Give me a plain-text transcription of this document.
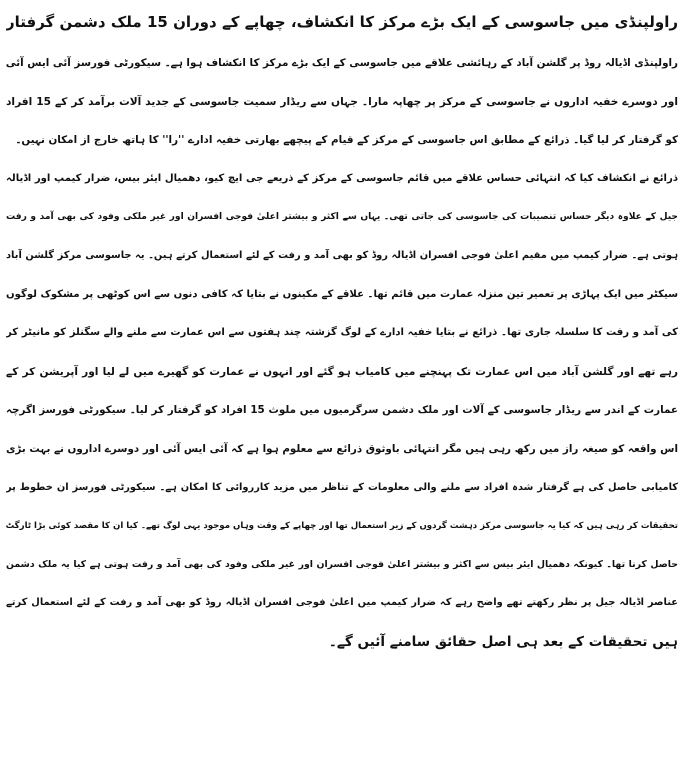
راولپنڈی میں جاسوسی کے ایک بڑے مرکز کا انکشاف، چھاپے کے دوران 15 ملک دشمن گرفتار
راولپنڈی اڈیالہ روڈ پر گلشن آباد کے رہائشی علاقے میں جاسوسی کے ایک بڑے مرکز کا انکشاف ہوا ہے۔ سیکورٹی فورسز آئی ایس آئی
اور دوسرے خفیہ اداروں نے جاسوسی کے مرکز پر چھاپہ مارا۔ جہاں سے ریڈار سمیت جاسوسی کے جدید آلات برآمد کر کے 15 افراد
کو گرفتار کر لیا گیا۔ ذرائع کے مطابق اس جاسوسی کے مرکز کے قیام کے پیچھے بھارتی خفیہ ادارے ''را'' کا ہاتھ خارج از امکان نہیں۔
ذرائع نے انکشاف کیا کہ انتہائی حساس علاقے میں قائم جاسوسی کے مرکز کے ذریعے جی ایچ کیو، دھمیال ایئر بیس، ضرار کیمپ اور اڈیالہ
جیل کے علاوہ دیگر حساس تنصیبات کی جاسوسی کی جاتی تھی۔ یہاں سے اکثر و بیشتر اعلیٰ فوجی افسران اور غیر ملکی وفود کی بھی آمد و رفت
ہوتی ہے۔ ضرار کیمپ میں مقیم اعلیٰ فوجی افسران اڈیالہ روڈ کو بھی آمد و رفت کے لئے استعمال کرتے ہیں۔ یہ جاسوسی مرکز گلشن آباد
سیکٹر میں ایک پہاڑی پر تعمیر تین منزلہ عمارت میں قائم تھا۔ علاقے کے مکینوں نے بتایا کہ کافی دنوں سے اس کوٹھی پر مشکوک لوگوں
کی آمد و رفت کا سلسلہ جاری تھا۔ ذرائع نے بتایا خفیہ ادارے کے لوگ گزشتہ چند ہفتوں سے اس عمارت سے ملنے والے سگنلز کو مانیٹر کر
رہے تھے اور گلشن آباد میں اس عمارت تک پہنچنے میں کامیاب ہو گئے اور انہوں نے عمارت کو گھیرے میں لے لیا اور آپریشن کر کے
عمارت کے اندر سے ریڈار جاسوسی کے آلات اور ملک دشمن سرگرمیوں میں ملوث 15 افراد کو گرفتار کر لیا۔ سیکورٹی فورسز اگرچہ
اس واقعہ کو صیغہ راز میں رکھ رہی ہیں مگر انتہائی باوثوق ذرائع سے معلوم ہوا ہے کہ آئی ایس آئی اور دوسرے اداروں نے بہت بڑی
کامیابی حاصل کی ہے گرفتار شدہ افراد سے ملنے والی معلومات کے تناظر میں مزید کارروائی کا امکان ہے۔ سیکورٹی فورسز ان خطوط پر
تحقیقات کر رہی ہیں کہ کیا یہ جاسوسی مرکز دہشت گردوں کے زیر استعمال تھا اور چھاپے کے وقت وہاں موجود یہی لوگ تھے۔ کیا ان کا مقصد کوئی بڑا ٹارگٹ
حاصل کرنا تھا۔ کیونکہ دھمیال ایئر بیس سے اکثر و بیشتر اعلیٰ فوجی افسران اور غیر ملکی وفود کی بھی آمد و رفت ہوتی ہے کیا یہ ملک دشمن
عناصر اڈیالہ جیل پر نظر رکھتے تھے واضح رہے کہ ضرار کیمپ میں اعلیٰ فوجی افسران اڈیالہ روڈ کو بھی آمد و رفت کے لئے استعمال کرتے
ہیں تحقیقات کے بعد ہی اصل حقائق سامنے آئیں گے۔
